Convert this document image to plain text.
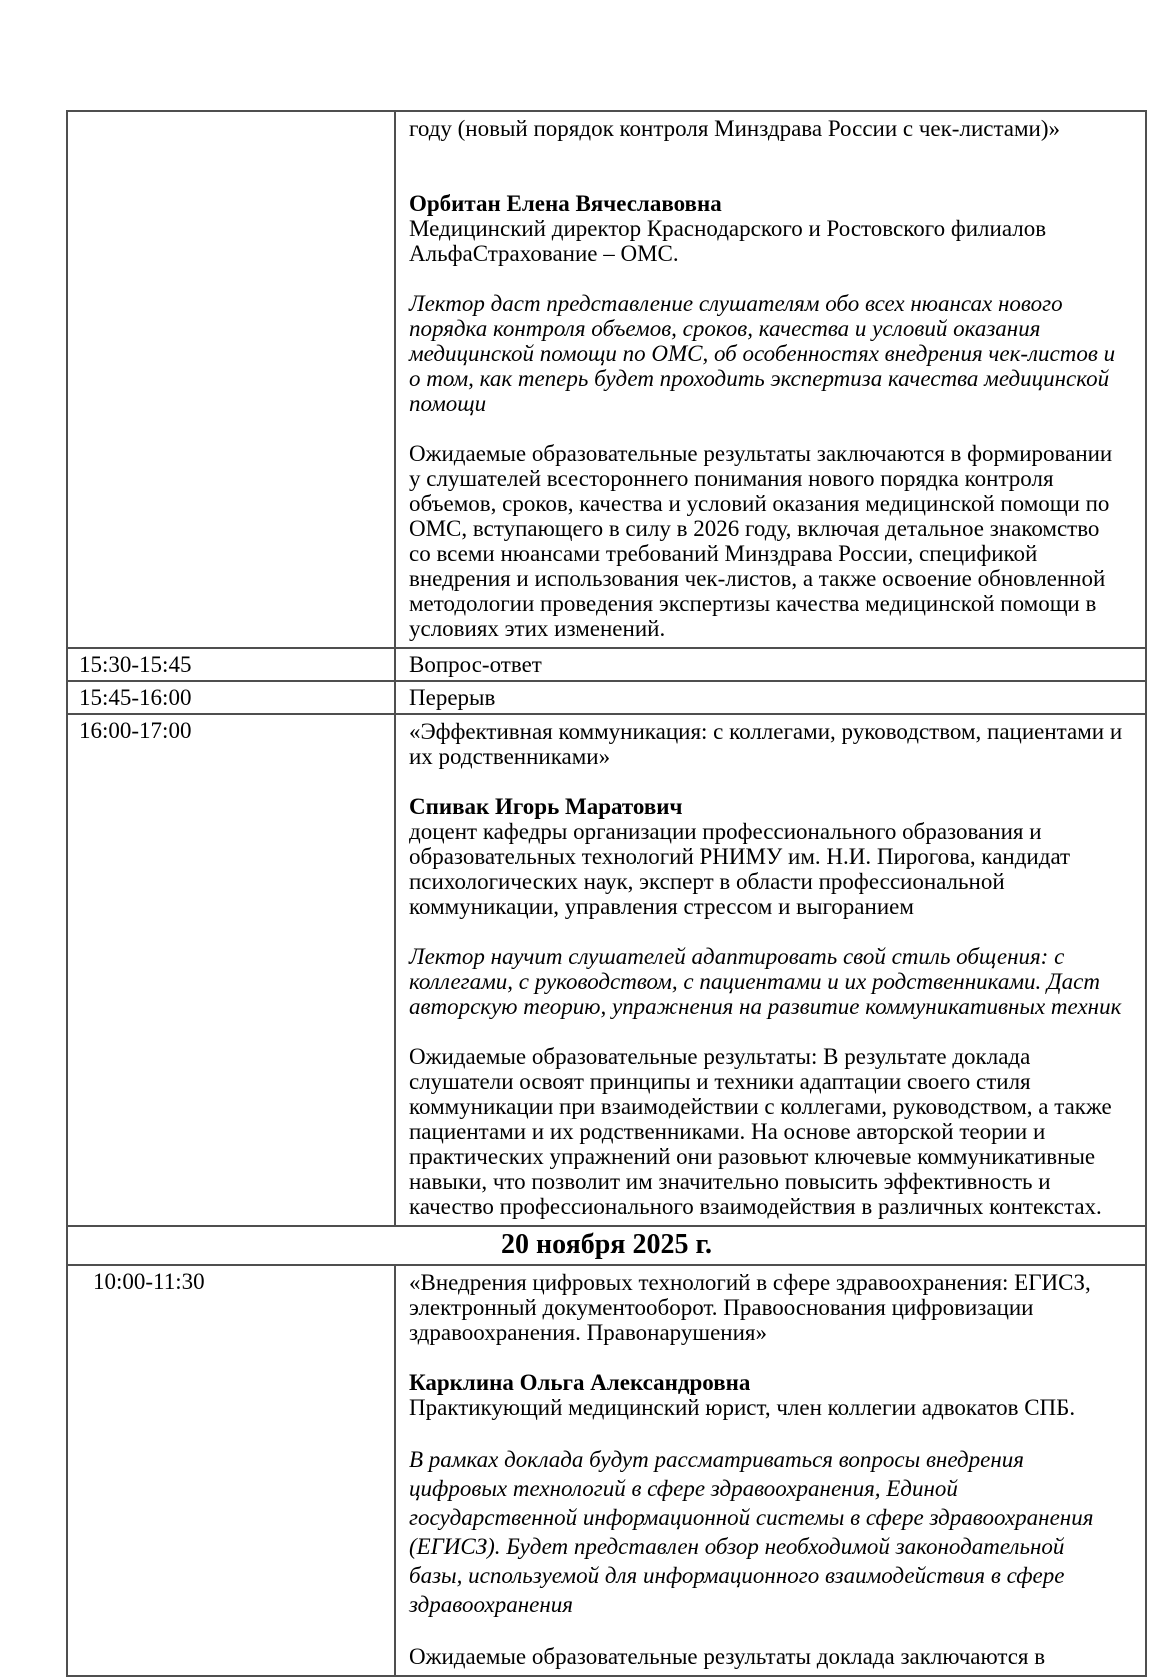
	году (новый порядок контроля Минздрава России с чек-листами)»

Орбитан Елена Вячеславовна

Медицинский директор Краснодарского и Ростовского филиалов АльфаСтрахование – ОМС.

Лектор даст представление слушателям обо всех нюансах нового порядка контроля объемов, сроков, качества и условий оказания медицинской помощи по ОМС, об особенностях внедрения чек-листов и о том, как теперь будет проходить экспертиза качества медицинской помощи

Ожидаемые образовательные результаты заключаются в формировании у слушателей всестороннего понимания нового порядка контроля объемов, сроков, качества и условий оказания медицинской помощи по ОМС, вступающего в силу в 2026 году, включая детальное знакомство со всеми нюансами требований Минздрава России, спецификой внедрения и использования чек-листов, а также освоение обновленной методологии проведения экспертизы качества медицинской помощи в условиях этих изменений.

15:30-15:45	Вопрос-ответ
15:45-16:00	Перерыв
16:00-17:00	«Эффективная коммуникация: с коллегами, руководством, пациентами и их родственниками»

Спивак Игорь Маратович

доцент кафедры организации профессионального образования и образовательных технологий РНИМУ им. Н.И. Пирогова, кандидат психологических наук, эксперт в области профессиональной коммуникации, управления стрессом и выгоранием

Лектор научит слушателей адаптировать свой стиль общения: с коллегами, с руководством, с пациентами и их родственниками. Даст авторскую теорию, упражнения на развитие коммуникативных техник

Ожидаемые образовательные результаты: В результате доклада слушатели освоят принципы и техники адаптации своего стиля коммуникации при взаимодействии с коллегами, руководством, а также пациентами и их родственниками. На основе авторской теории и практических упражнений они разовьют ключевые коммуникативные навыки, что позволит им значительно повысить эффективность и качество профессионального взаимодействия в различных контекстах.

20 ноября 2025 г.	
10:00-11:30	«Внедрения цифровых технологий в сфере здравоохранения: ЕГИСЗ, электронный документооборот. Правооснования цифровизации здравоохранения. Правонарушения»

Карклина Ольга Александровна

Практикующий медицинский юрист, член коллегии адвокатов СПБ.

В рамках доклада будут рассматриваться вопросы внедрения цифровых технологий в сфере здравоохранения, Единой государственной информационной системы в сфере здравоохранения (ЕГИСЗ). Будет представлен обзор необходимой законодательной базы, используемой для информационного взаимодействия в сфере здравоохранения

Ожидаемые образовательные результаты доклада заключаются в
